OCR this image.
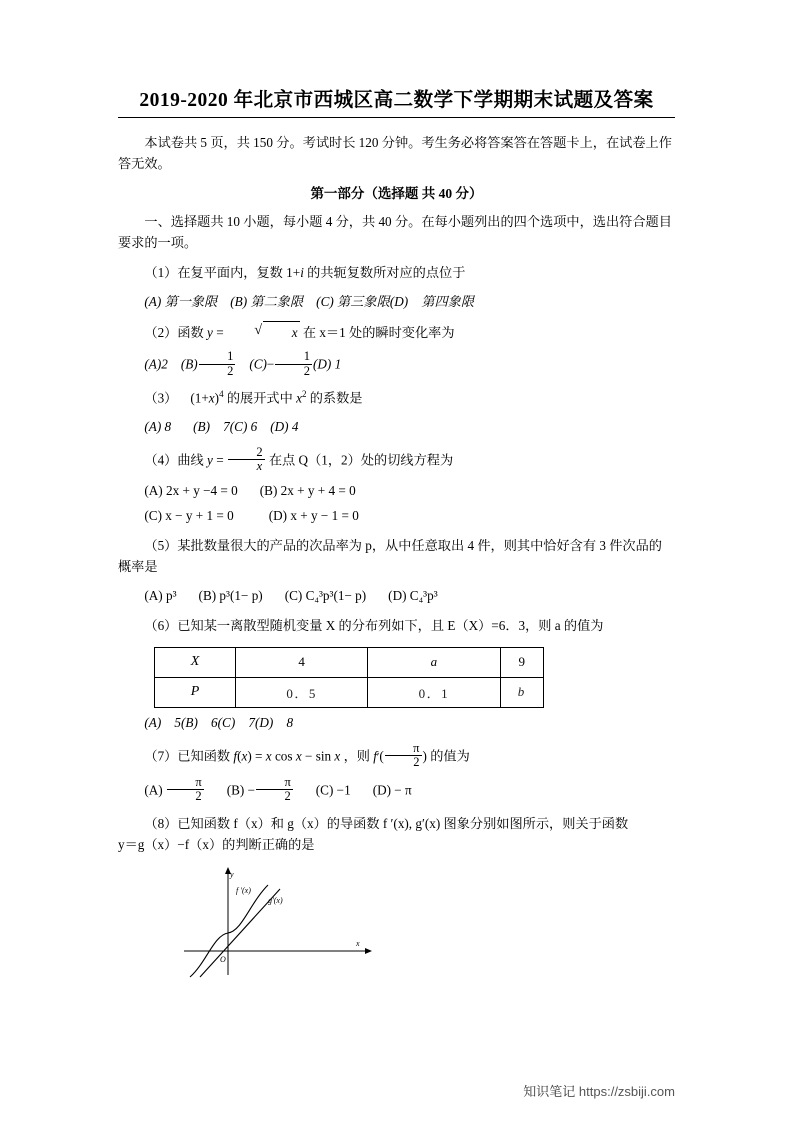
2019-2020 年北京市西城区高二数学下学期期末试题及答案

本试卷共 5 页，共 150 分。考试时长 120 分钟。考生务必将答案答在答题卡上，在试卷上作答无效。

第一部分（选择题 共 40 分）

一、选择题共 10 小题，每小题 4 分，共 40 分。在每小题列出的四个选项中，选出符合题目要求的一项。

（1）在复平面内，复数 1+i 的共轭复数所对应的点位于

(A) 第一象限 (B) 第二象限 (C) 第三象限(D)　第四象限

（2）函数 y =	√ x 在 x＝1 处的瞬时变化率为

(A)2 $(B) \frac{1}{2} (C)- \frac{1}{2} (D)$ 1

（3） $(1+x)^4$ 的展开式中 $x^2$ 的系数是

(A) 8 (B)　7(C) 6 (D) 4

（4）曲线 $y = \frac{2}{x}$ 在点 Q（1，2）处的切线方程为

(A) 2x + y −4 = 0 (B) 2x + y + 4 = 0

(C) x − y + 1 = 0	(D) x + y − 1 = 0

（5）某批数量很大的产品的次品率为 p，从中任意取出 4 件，则其中恰好含有 3 件次品的概率是

(A) p³ (B) p³(1− p) (C) C₄³p³(1− p) (D) C₄³p³

（6）已知某一离散型随机变量 X 的分布列如下，且 E（X）=6．3，则 a 的值为

X	4	a	9
P	0．5	0．1	b

(A)　5(B)　6(C)　7(D)　8

（7）已知函数 f(x) = x cos x − sin x ，则 $f'( \frac{\pi}{2}$ ) 的值为

$(A) \frac{\pi}{2} (B) - \frac{\pi}{2} (C) -1$ (D) − π

（8）已知函数 f（x）和 g（x）的导函数 f ′(x), g′(x) 图象分别如图所示，则关于函数

y＝g（x）−f（x）的判断正确的是

y
f ′(x)
g′(x)
O
x
知识笔记 https://zsbiji.com
